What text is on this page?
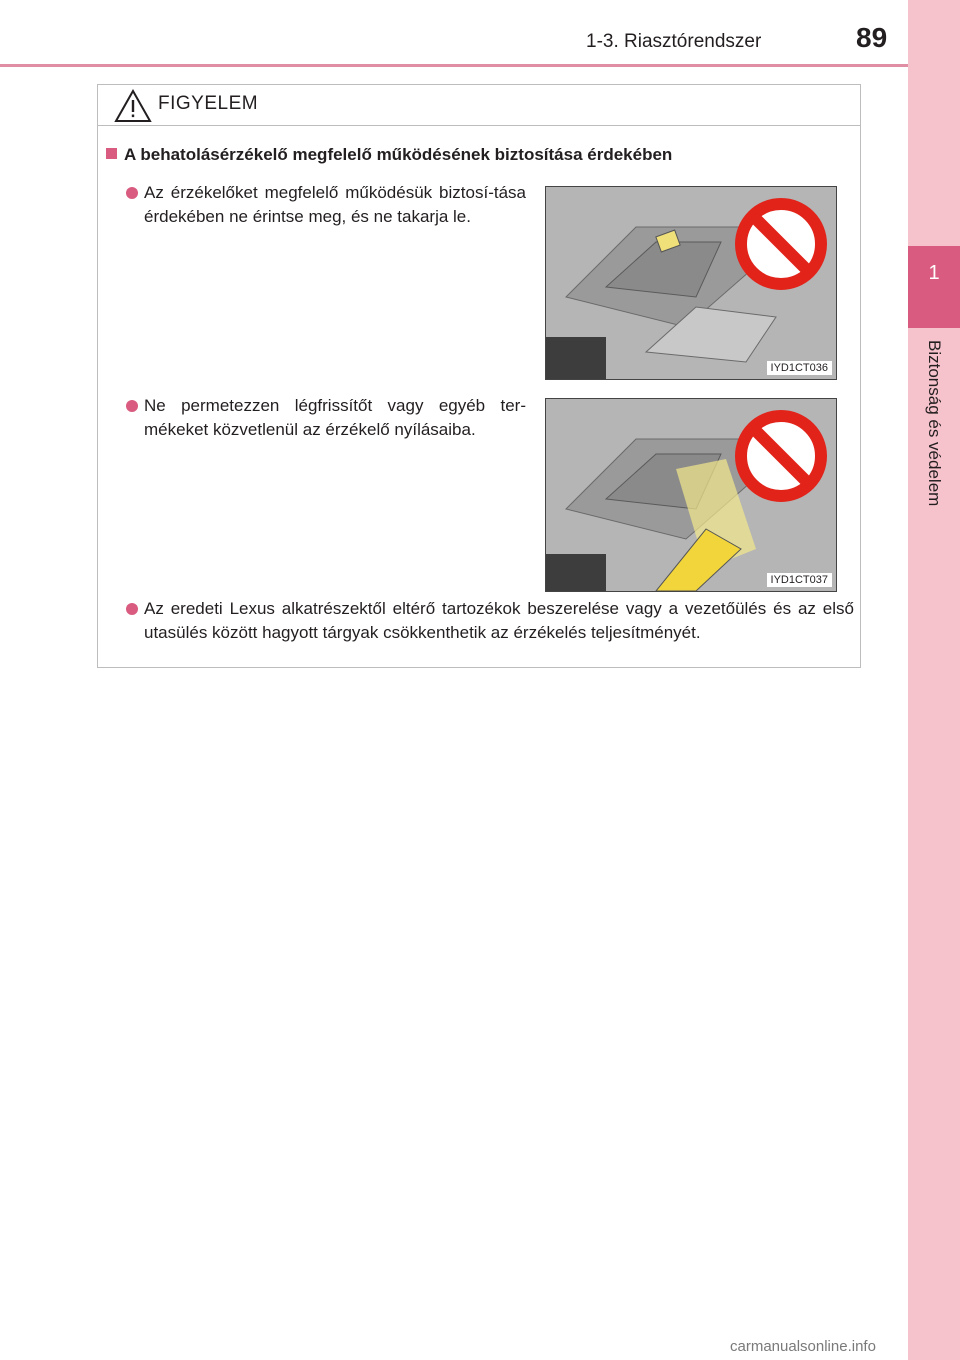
1
Biztonság és védelem
1-3. Riasztórendszer	89
FIGYELEM
A behatolásérzékelő megfelelő működésének biztosítása érdekében
Az érzékelőket megfelelő működésük biztosí-tása érdekében ne érintse meg, és ne takarja le.
IYD1CT036
Ne permetezzen légfrissítőt vagy egyéb ter-mékeket közvetlenül az érzékelő nyílásaiba.
IYD1CT037
Az eredeti Lexus alkatrészektől eltérő tartozékok beszerelése vagy a vezetőülés és az első utasülés között hagyott tárgyak csökkenthetik az érzékelés teljesítményét.
carmanualsonline.info
